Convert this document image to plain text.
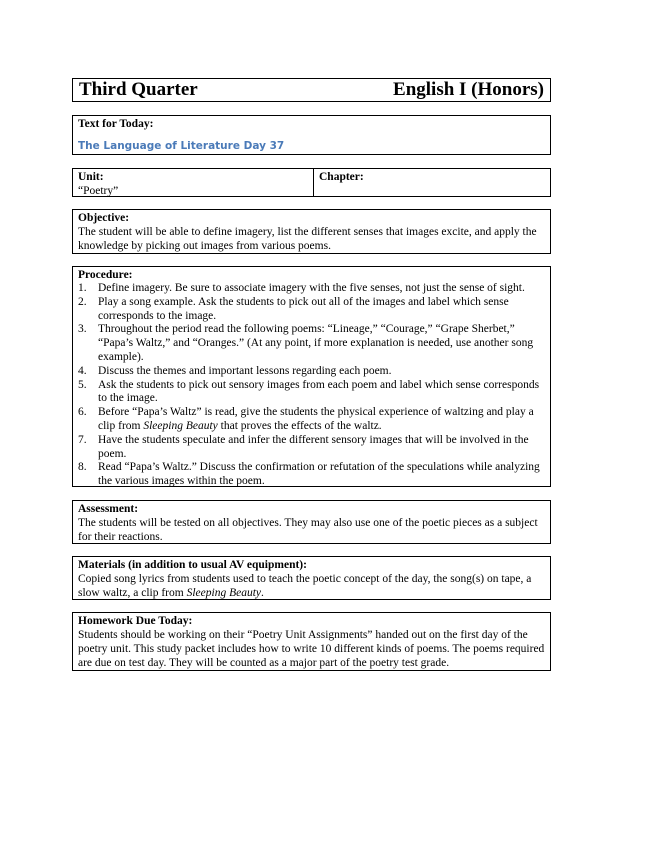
Third Quarter	English I (Honors)
Text for Today:
The Language of Literature Day 37
Unit:
“Poetry”
Chapter:
Objective:
The student will be able to define imagery, list the different senses that images excite, and apply the knowledge by picking out images from various poems.
Procedure:
1. Define imagery. Be sure to associate imagery with the five senses, not just the sense of sight.
2. Play a song example. Ask the students to pick out all of the images and label which sense corresponds to the image.
3. Throughout the period read the following poems: “Lineage,” “Courage,” “Grape Sherbet,” “Papa’s Waltz,” and “Oranges.” (At any point, if more explanation is needed, use another song example).
4. Discuss the themes and important lessons regarding each poem.
5. Ask the students to pick out sensory images from each poem and label which sense corresponds to the image.
6. Before “Papa’s Waltz” is read, give the students the physical experience of waltzing and play a clip from Sleeping Beauty that proves the effects of the waltz.
7. Have the students speculate and infer the different sensory images that will be involved in the poem.
8. Read “Papa’s Waltz.” Discuss the confirmation or refutation of the speculations while analyzing the various images within the poem.
Assessment:
The students will be tested on all objectives. They may also use one of the poetic pieces as a subject for their reactions.
Materials (in addition to usual AV equipment):
Copied song lyrics from students used to teach the poetic concept of the day, the song(s) on tape, a slow waltz, a clip from Sleeping Beauty.
Homework Due Today:
Students should be working on their “Poetry Unit Assignments” handed out on the first day of the poetry unit. This study packet includes how to write 10 different kinds of poems. The poems required are due on test day. They will be counted as a major part of the poetry test grade.
